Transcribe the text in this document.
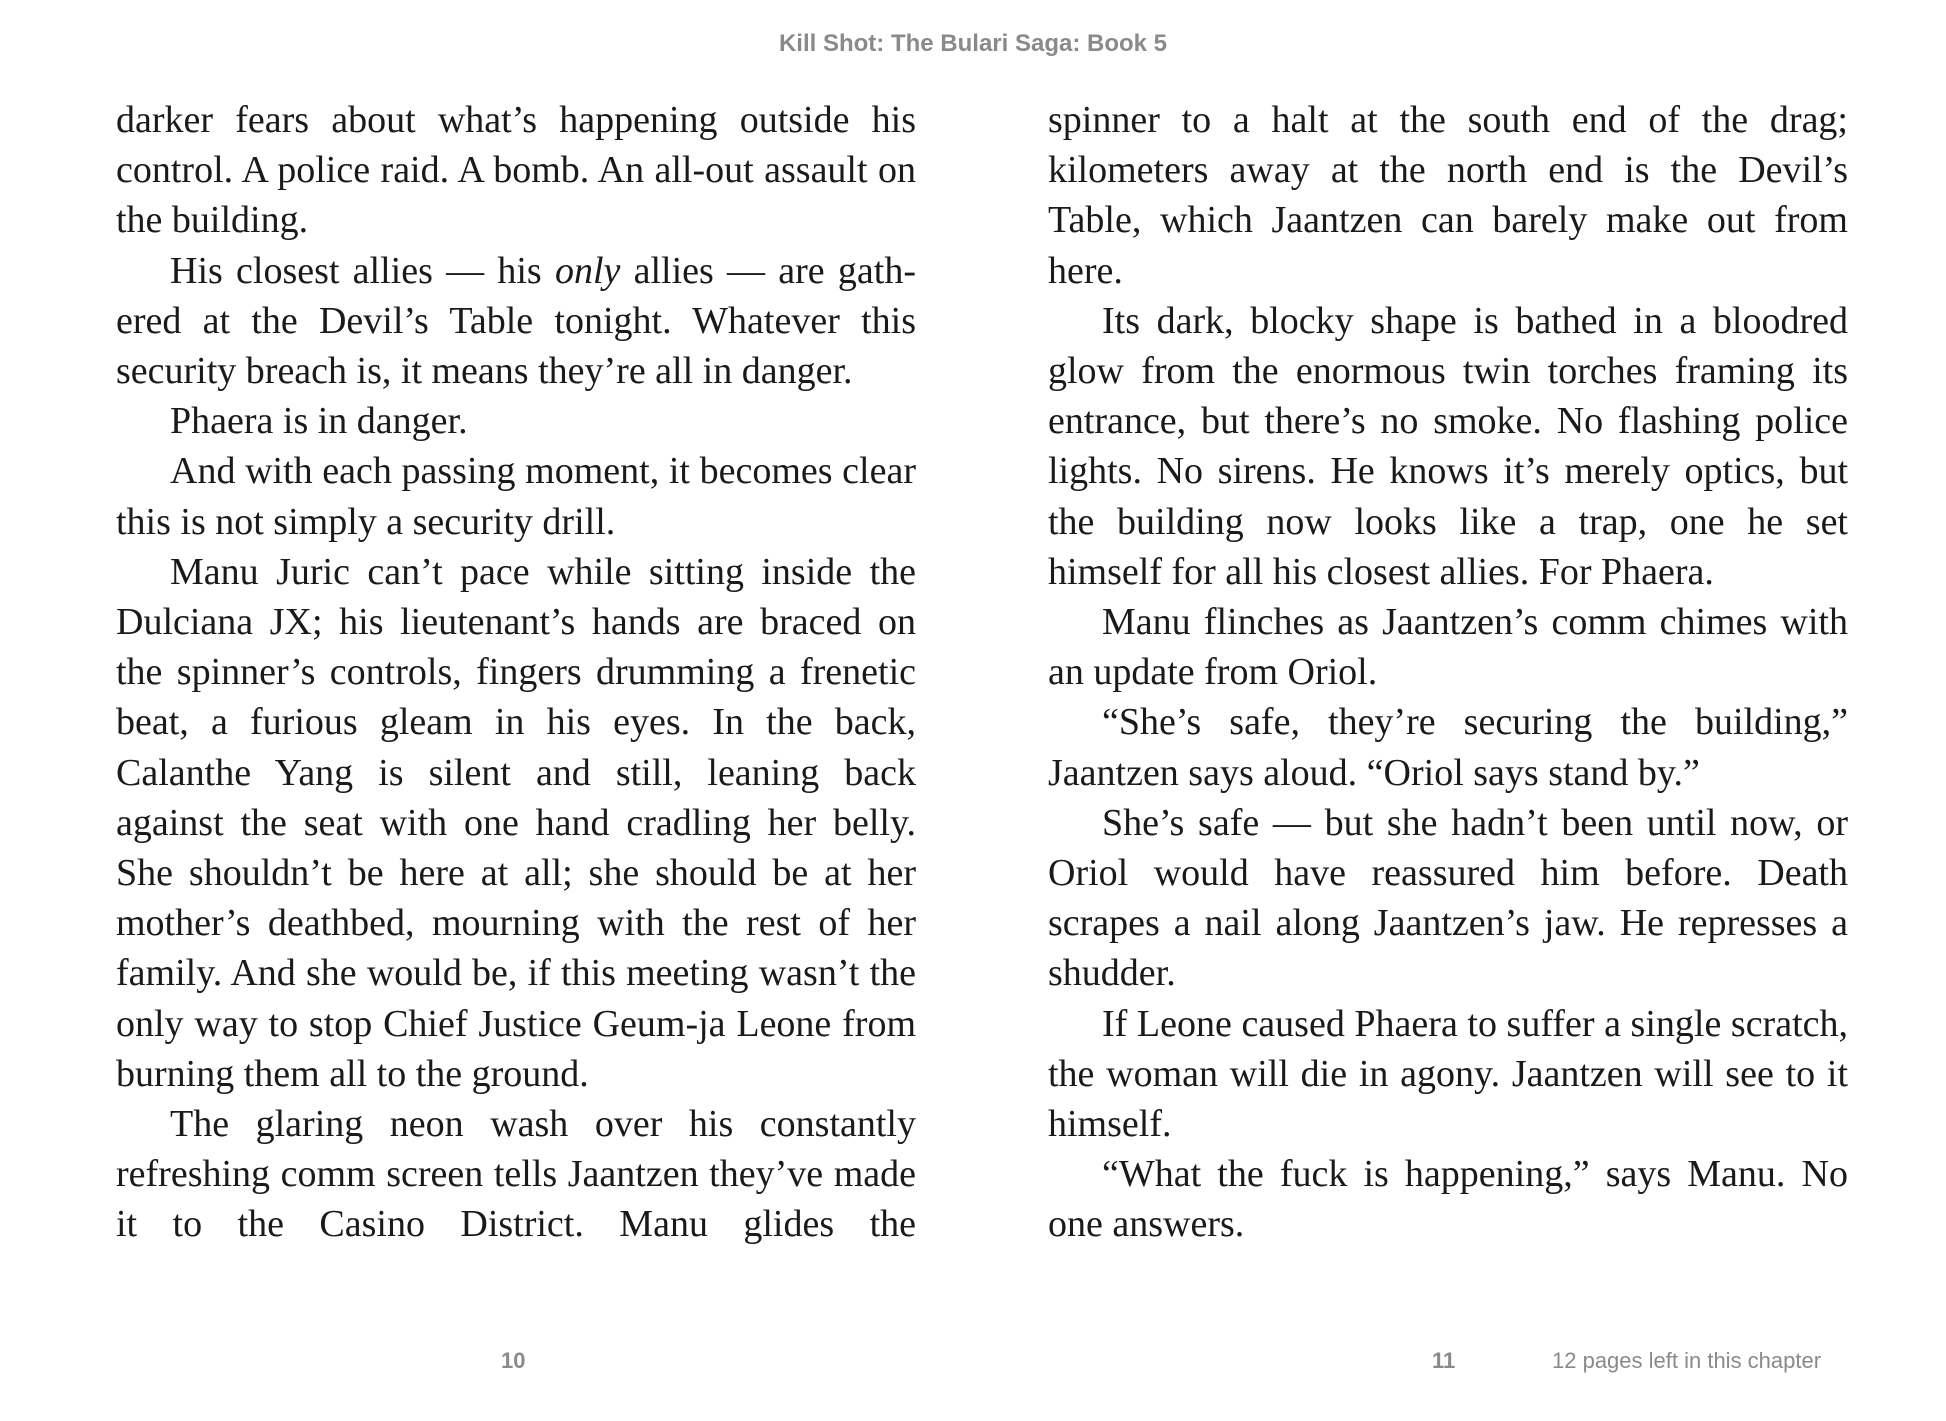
Kill Shot: The Bulari Saga: Book 5

darker fears about what’s happening outside his control. A police raid. A bomb. An all-out assault on the building.

His closest allies — his only allies — are gathered at the Devil’s Table tonight. Whatever this security breach is, it means they’re all in danger.

Phaera is in danger.

And with each passing moment, it becomes clear this is not simply a security drill.

Manu Juric can’t pace while sitting inside the Dulciana JX; his lieutenant’s hands are braced on the spinner’s controls, fingers drumming a frenetic beat, a furious gleam in his eyes. In the back, Calanthe Yang is silent and still, leaning back against the seat with one hand cradling her belly. She shouldn’t be here at all; she should be at her mother’s deathbed, mourning with the rest of her family. And she would be, if this meeting wasn’t the only way to stop Chief Justice Geum-ja Leone from burning them all to the ground.

The glaring neon wash over his constantly refreshing comm screen tells Jaantzen they’ve made it to the Casino District. Manu glides the

spinner to a halt at the south end of the drag; kilometers away at the north end is the Devil’s Table, which Jaantzen can barely make out from here.

Its dark, blocky shape is bathed in a bloodred glow from the enormous twin torches framing its entrance, but there’s no smoke. No flashing police lights. No sirens. He knows it’s merely optics, but the building now looks like a trap, one he set himself for all his closest allies. For Phaera.

Manu flinches as Jaantzen’s comm chimes with an update from Oriol.

“She’s safe, they’re securing the building,” Jaantzen says aloud. “Oriol says stand by.”

She’s safe — but she hadn’t been until now, or Oriol would have reassured him before. Death scrapes a nail along Jaantzen’s jaw. He represses a shudder.

If Leone caused Phaera to suffer a single scratch, the woman will die in agony. Jaantzen will see to it himself.

“What the fuck is happening,” says Manu. No one answers.

10	11	12 pages left in this chapter
